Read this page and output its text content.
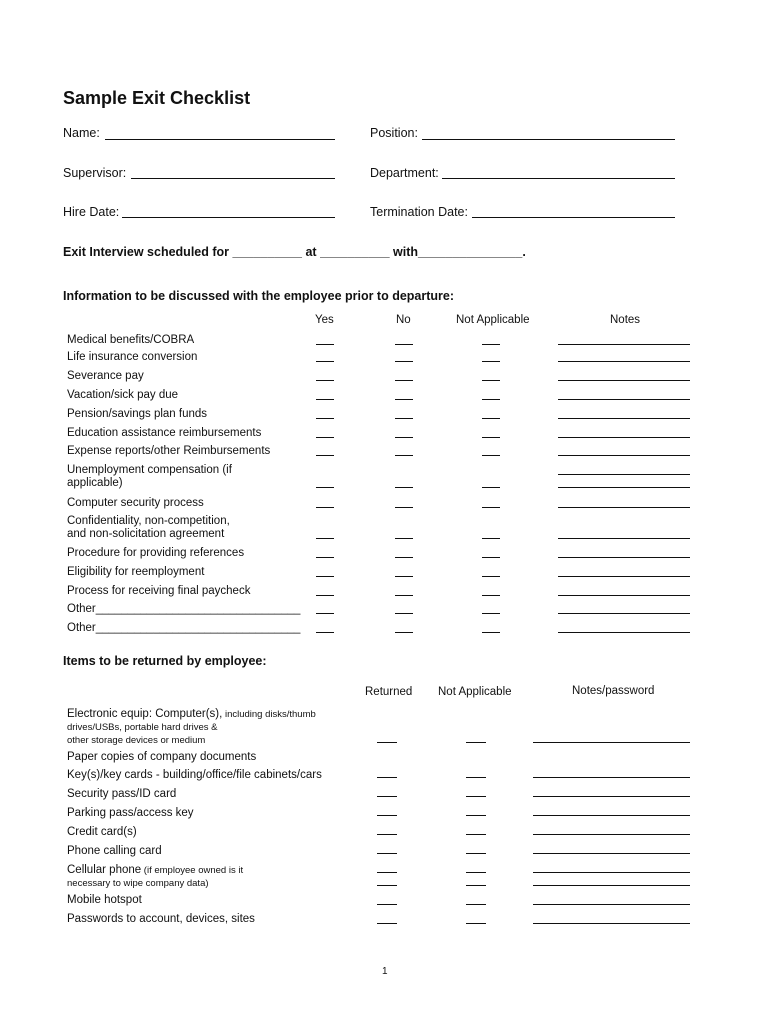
Sample Exit Checklist
Name:	Position:
Supervisor:	Department:
Hire Date:	Termination Date:
Exit Interview scheduled for __________ at __________ with_______________.
Information to be discussed with the employee prior to departure:
Yes	No	Not Applicable	Notes
Medical benefits/COBRA
Life insurance conversion
Severance pay
Vacation/sick pay due
Pension/savings plan funds
Education assistance reimbursements
Expense reports/other Reimbursements
Unemployment compensation (if
applicable)
Computer security process
Confidentiality, non-competition,
and non-solicitation agreement
Procedure for providing references
Eligibility for reemployment
Process for receiving final paycheck
Other________________________________
Other________________________________
Items to be returned by employee:
Returned Not Applicable	Notes/password
Electronic equip: Computer(s), including disks/thumb
drives/USBs, portable hard drives &
other storage devices or medium
Paper copies of company documents
Key(s)/key cards - building/office/file cabinets/cars
Security pass/ID card
Parking pass/access key
Credit card(s)
Phone calling card
Cellular phone (if employee owned is it
necessary to wipe company data)
Mobile hotspot
Passwords to account, devices, sites
1
